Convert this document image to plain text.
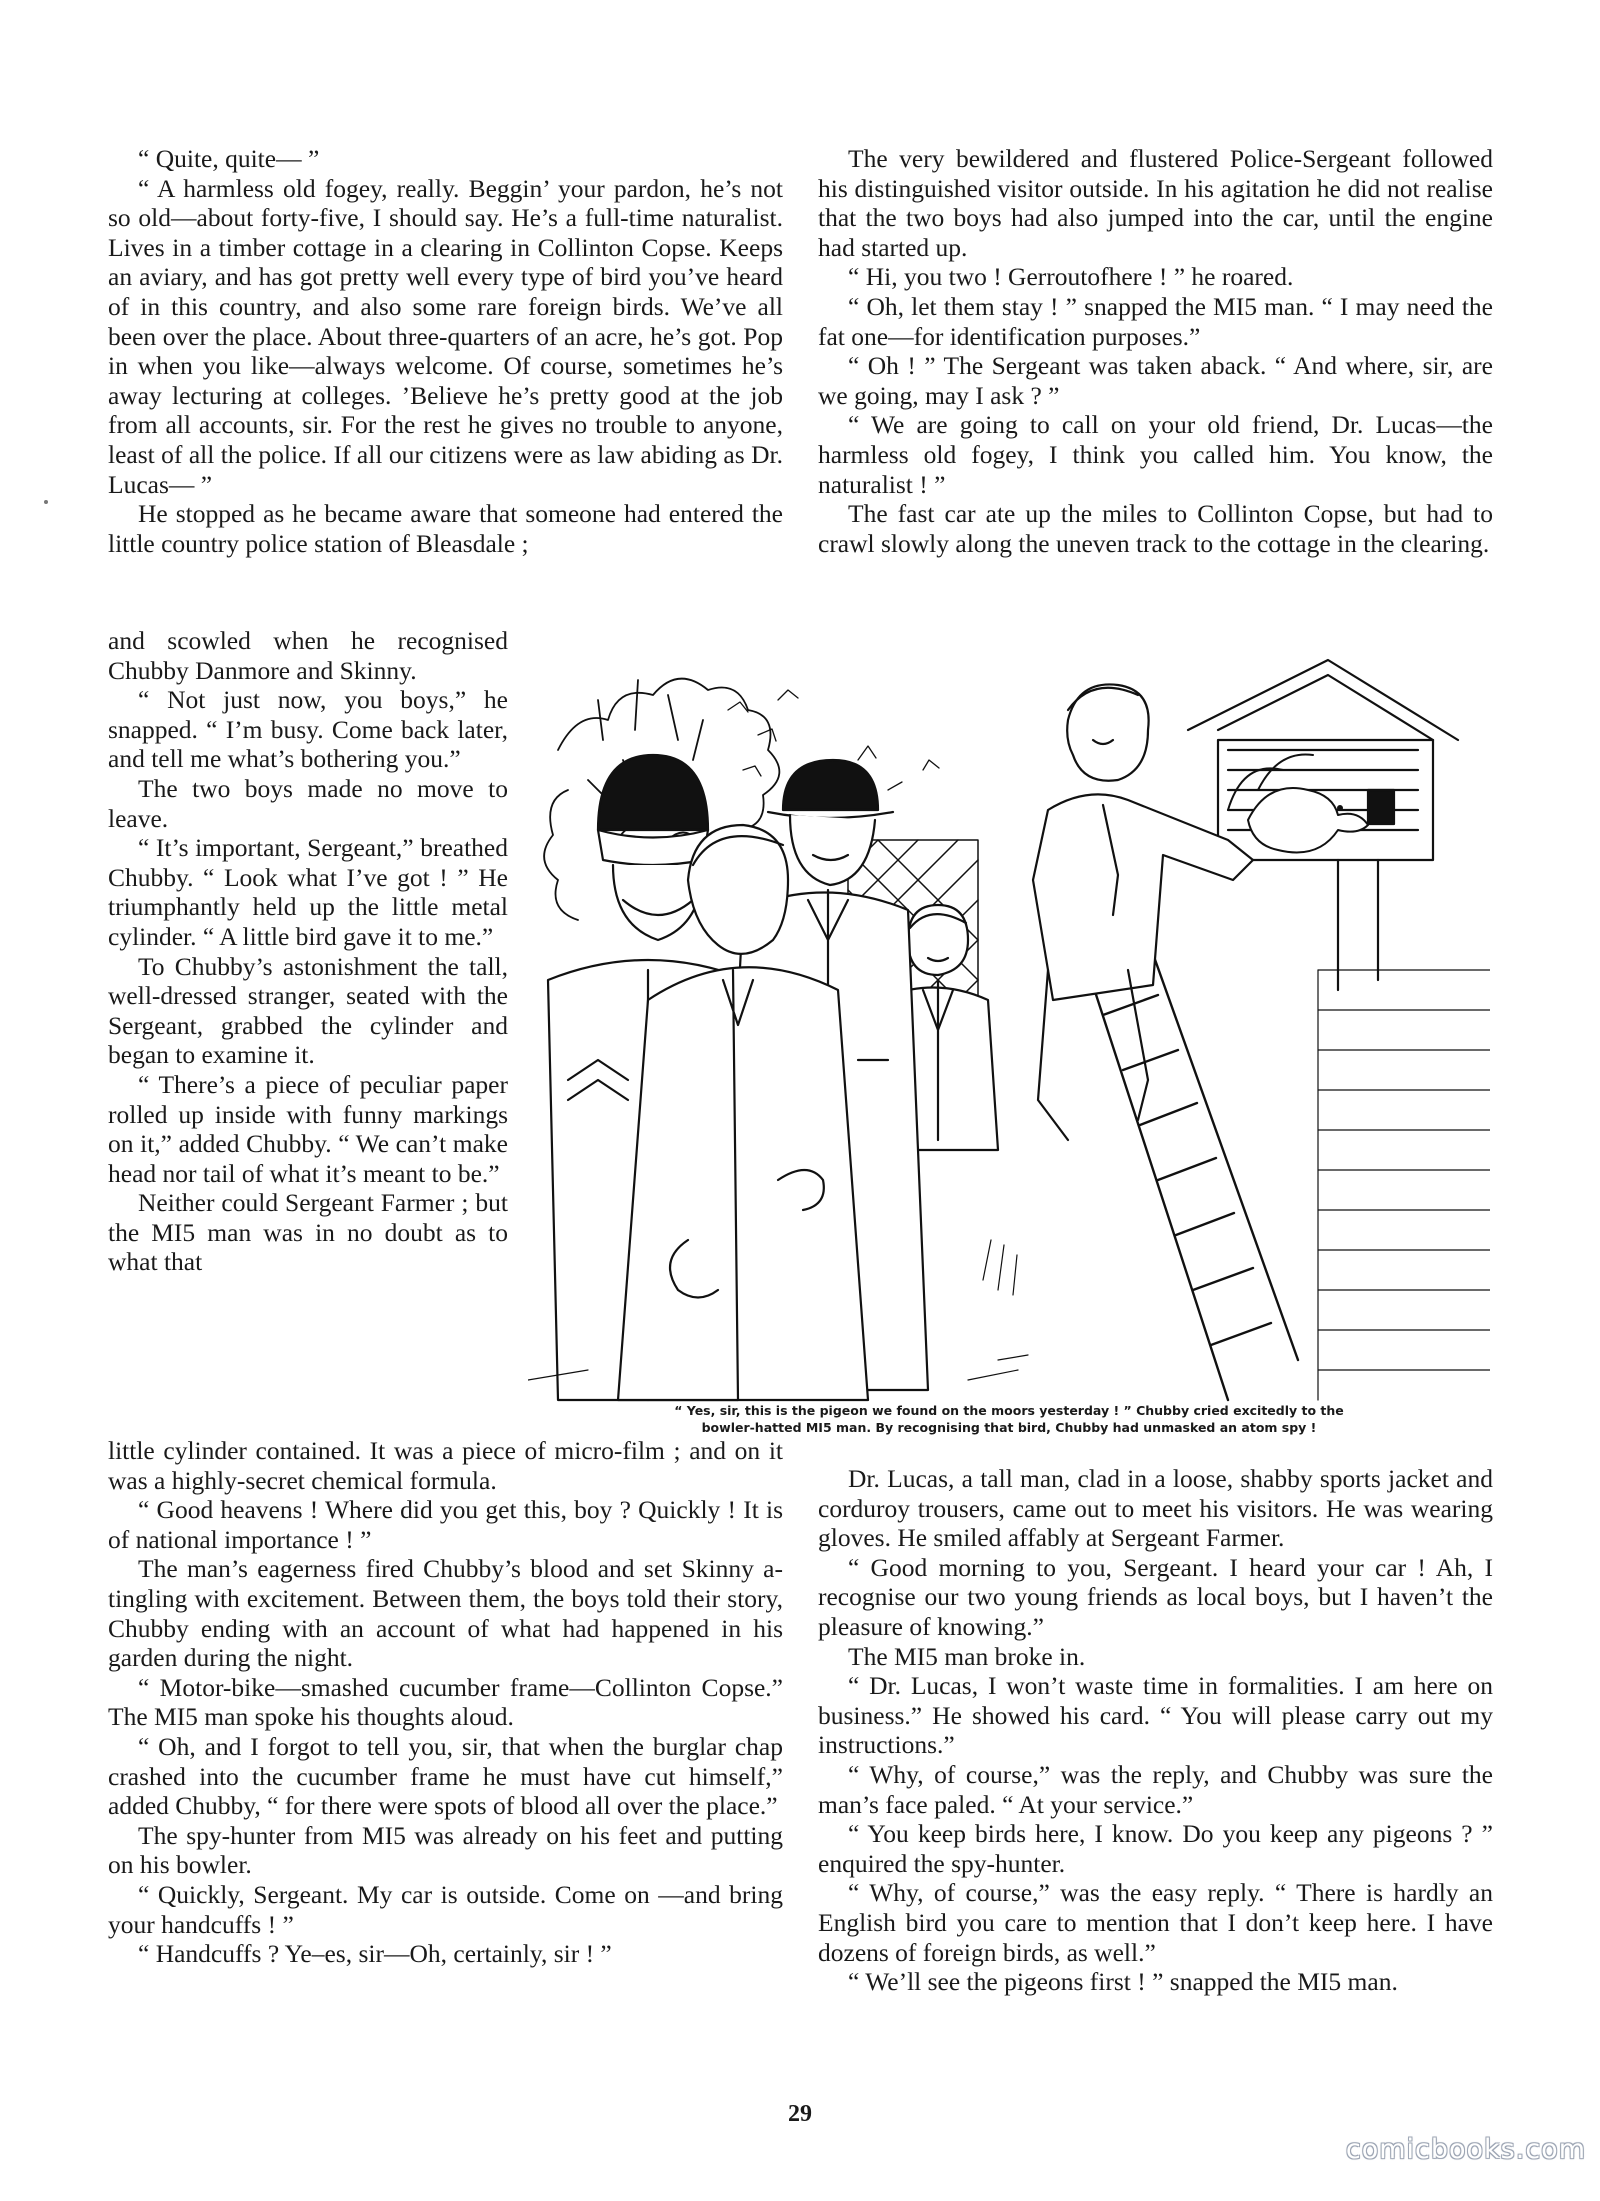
“ Quite, quite— ”

“ A harmless old fogey, really. Beggin’ your pardon, he’s not so old—about forty-five, I should say. He’s a full-time naturalist. Lives in a timber cottage in a clearing in Collinton Copse. Keeps an aviary, and has got pretty well every type of bird you’ve heard of in this country, and also some rare foreign birds. We’ve all been over the place. About three-quarters of an acre, he’s got. Pop in when you like—always welcome. Of course, sometimes he’s away lecturing at colleges. ’Believe he’s pretty good at the job from all accounts, sir. For the rest he gives no trouble to anyone, least of all the police. If all our citizens were as law abiding as Dr. Lucas— ”

He stopped as he became aware that someone had entered the little country police station of Bleasdale ;

and scowled when he recognised Chubby Danmore and Skinny.

“ Not just now, you boys,” he snapped. “ I’m busy. Come back later, and tell me what’s bothering you.”

The two boys made no move to leave.

“ It’s important, Sergeant,” breathed Chubby. “ Look what I’ve got ! ” He triumphantly held up the little metal cylinder. “ A little bird gave it to me.”

To Chubby’s astonishment the tall, well-dressed stranger, seated with the Sergeant, grabbed the cylinder and began to examine it.

“ There’s a piece of peculiar paper rolled up inside with funny markings on it,” added Chubby. “ We can’t make head nor tail of what it’s meant to be.”

Neither could Sergeant Farmer ; but the MI5 man was in no doubt as to what that

little cylinder contained. It was a piece of micro-film ; and on it was a highly-secret chemical formula.

“ Good heavens ! Where did you get this, boy ? Quickly ! It is of national importance ! ”

The man’s eagerness fired Chubby’s blood and set Skinny a-tingling with excitement. Between them, the boys told their story, Chubby ending with an account of what had happened in his garden during the night.

“ Motor-bike—smashed cucumber frame—Collinton Copse.” The MI5 man spoke his thoughts aloud.

“ Oh, and I forgot to tell you, sir, that when the burglar chap crashed into the cucumber frame he must have cut himself,” added Chubby, “ for there were spots of blood all over the place.”

The spy-hunter from MI5 was already on his feet and putting on his bowler.

“ Quickly, Sergeant. My car is outside. Come on —and bring your handcuffs ! ”

“ Handcuffs ? Ye–es, sir—Oh, certainly, sir ! ”

The very bewildered and flustered Police-Sergeant followed his distinguished visitor outside. In his agitation he did not realise that the two boys had also jumped into the car, until the engine had started up.

“ Hi, you two ! Gerroutofhere ! ” he roared.

“ Oh, let them stay ! ” snapped the MI5 man. “ I may need the fat one—for identification purposes.”

“ Oh ! ” The Sergeant was taken aback. “ And where, sir, are we going, may I ask ? ”

“ We are going to call on your old friend, Dr. Lucas—the harmless old fogey, I think you called him. You know, the naturalist ! ”

The fast car ate up the miles to Collinton Copse, but had to crawl slowly along the uneven track to the cottage in the clearing.

“ Yes, sir, this is the pigeon we found on the moors yesterday ! ” Chubby cried excitedly to the
bowler-hatted MI5 man. By recognising that bird, Chubby had unmasked an atom spy !

Dr. Lucas, a tall man, clad in a loose, shabby sports jacket and corduroy trousers, came out to meet his visitors. He was wearing gloves. He smiled affably at Sergeant Farmer.

“ Good morning to you, Sergeant. I heard your car ! Ah, I recognise our two young friends as local boys, but I haven’t the pleasure of knowing.”

The MI5 man broke in.

“ Dr. Lucas, I won’t waste time in formalities. I am here on business.” He showed his card. “ You will please carry out my instructions.”

“ Why, of course,” was the reply, and Chubby was sure the man’s face paled. “ At your service.”

“ You keep birds here, I know. Do you keep any pigeons ? ” enquired the spy-hunter.

“ Why, of course,” was the easy reply. “ There is hardly an English bird you care to mention that I don’t keep here. I have dozens of foreign birds, as well.”

“ We’ll see the pigeons first ! ” snapped the MI5 man.

29
comicbooks.com
